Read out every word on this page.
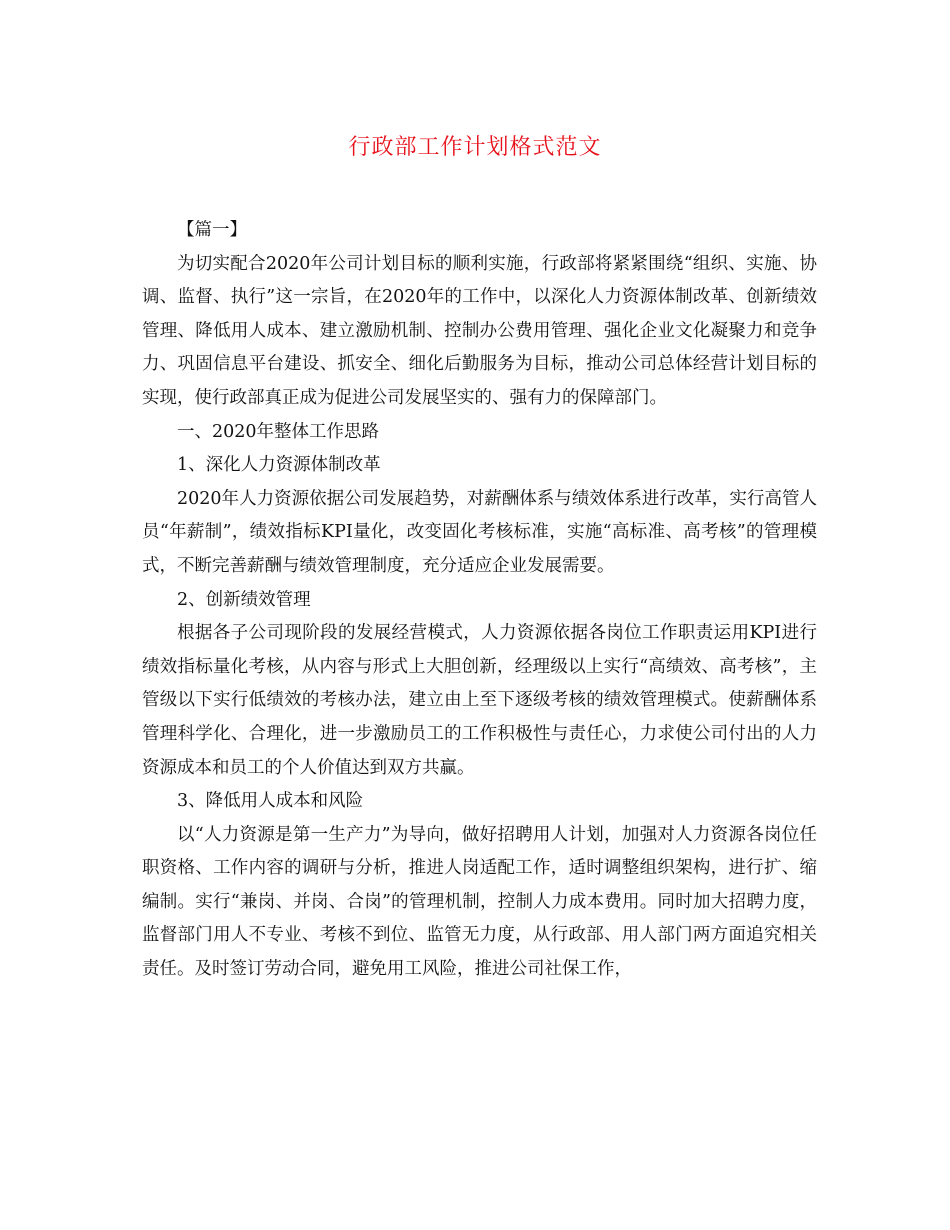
行政部工作计划格式范文

【篇一】

为切实配合2020年公司计划目标的顺利实施，行政部将紧紧围绕“组织、实施、协调、监督、执行”这一宗旨，在2020年的工作中，以深化人力资源体制改革、创新绩效管理、降低用人成本、建立激励机制、控制办公费用管理、强化企业文化凝聚力和竞争力、巩固信息平台建设、抓安全、细化后勤服务为目标，推动公司总体经营计划目标的实现，使行政部真正成为促进公司发展坚实的、强有力的保障部门。

一、2020年整体工作思路

1、深化人力资源体制改革

2020年人力资源依据公司发展趋势，对薪酬体系与绩效体系进行改革，实行高管人员“年薪制”，绩效指标KPI量化，改变固化考核标准，实施“高标准、高考核”的管理模式，不断完善薪酬与绩效管理制度，充分适应企业发展需要。

2、创新绩效管理

根据各子公司现阶段的发展经营模式，人力资源依据各岗位工作职责运用KPI进行绩效指标量化考核，从内容与形式上大胆创新，经理级以上实行“高绩效、高考核”，主管级以下实行低绩效的考核办法，建立由上至下逐级考核的绩效管理模式。使薪酬体系管理科学化、合理化，进一步激励员工的工作积极性与责任心，力求使公司付出的人力资源成本和员工的个人价值达到双方共赢。

3、降低用人成本和风险

以“人力资源是第一生产力”为导向，做好招聘用人计划，加强对人力资源各岗位任职资格、工作内容的调研与分析，推进人岗适配工作，适时调整组织架构，进行扩、缩编制。实行“兼岗、并岗、合岗”的管理机制，控制人力成本费用。同时加大招聘力度，监督部门用人不专业、考核不到位、监管无力度，从行政部、用人部门两方面追究相关责任。及时签订劳动合同，避免用工风险，推进公司社保工作，
